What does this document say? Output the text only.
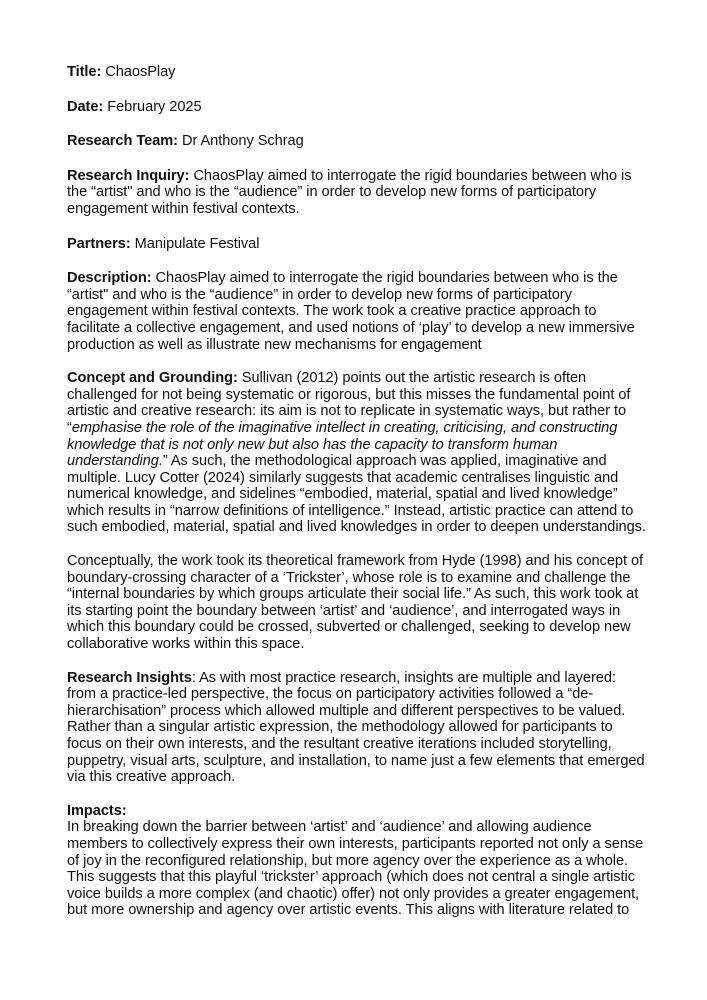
Title: ChaosPlay
Date: February 2025
Research Team: Dr Anthony Schrag
Research Inquiry: ChaosPlay aimed to interrogate the rigid boundaries between who is
the “artist" and who is the “audience” in order to develop new forms of participatory
engagement within festival contexts.
Partners: Manipulate Festival
Description: ChaosPlay aimed to interrogate the rigid boundaries between who is the
“artist" and who is the “audience” in order to develop new forms of participatory
engagement within festival contexts. The work took a creative practice approach to
facilitate a collective engagement, and used notions of ‘play’ to develop a new immersive
production as well as illustrate new mechanisms for engagement
Concept and Grounding: Sullivan (2012) points out the artistic research is often
challenged for not being systematic or rigorous, but this misses the fundamental point of
artistic and creative research: its aim is not to replicate in systematic ways, but rather to
“emphasise the role of the imaginative intellect in creating, criticising, and constructing
knowledge that is not only new but also has the capacity to transform human
understanding.” As such, the methodological approach was applied, imaginative and
multiple. Lucy Cotter (2024) similarly suggests that academic centralises linguistic and
numerical knowledge, and sidelines “embodied, material, spatial and lived knowledge”
which results in “narrow definitions of intelligence.” Instead, artistic practice can attend to
such embodied, material, spatial and lived knowledges in order to deepen understandings.
Conceptually, the work took its theoretical framework from Hyde (1998) and his concept of
boundary-crossing character of a ‘Trickster’, whose role is to examine and challenge the
“internal boundaries by which groups articulate their social life.” As such, this work took at
its starting point the boundary between ‘artist’ and ‘audience’, and interrogated ways in
which this boundary could be crossed, subverted or challenged, seeking to develop new
collaborative works within this space.
Research Insights: As with most practice research, insights are multiple and layered:
from a practice-led perspective, the focus on participatory activities followed a “de-
hierarchisation” process which allowed multiple and different perspectives to be valued.
Rather than a singular artistic expression, the methodology allowed for participants to
focus on their own interests, and the resultant creative iterations included storytelling,
puppetry, visual arts, sculpture, and installation, to name just a few elements that emerged
via this creative approach.
Impacts:
In breaking down the barrier between ‘artist’ and ‘audience’ and allowing audience
members to collectively express their own interests, participants reported not only a sense
of joy in the reconfigured relationship, but more agency over the experience as a whole.
This suggests that this playful ‘trickster’ approach (which does not central a single artistic
voice builds a more complex (and chaotic) offer) not only provides a greater engagement,
but more ownership and agency over artistic events. This aligns with literature related to
